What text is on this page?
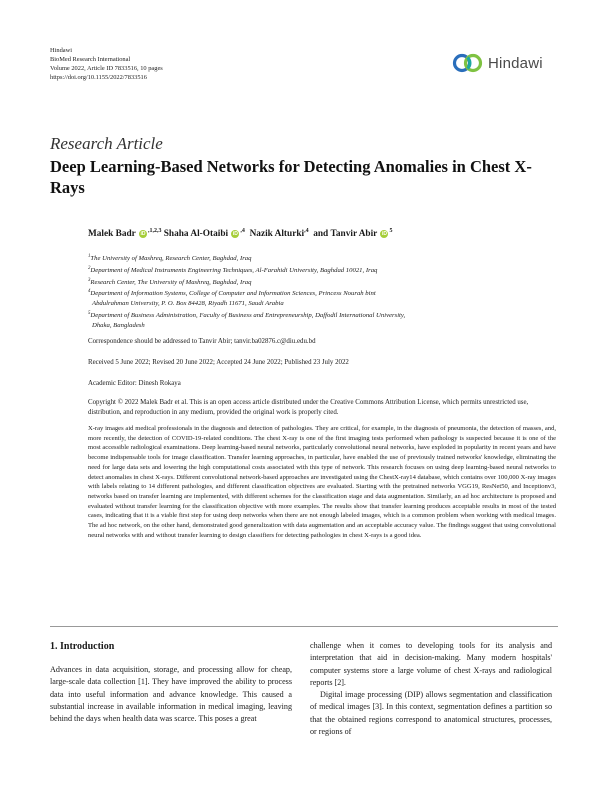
Hindawi
BioMed Research International
Volume 2022, Article ID 7833516, 10 pages
https://doi.org/10.1155/2022/7833516
Hindawi
Research Article
Deep Learning-Based Networks for Detecting Anomalies in Chest X-Rays
Malek Badr $iD^{,1,2,3}$ Shaha Al-Otaibi $iD^{,4}$ Nazik Alturki$^{,4}$  and Tanvir Abir $iD^5$
$^1$The University of Mashreq, Research Center, Baghdad, Iraq
$^2$Department of Medical Instruments Engineering Techniques, Al-Farahidi University, Baghdad 10021, Iraq
$^3$Research Center, The University of Mashreq, Baghdad, Iraq
$^4$Department of Information Systems, College of Computer and Information Sciences, Princess Nourah bint
Abdulrahman University, P. O. Box 84428, Riyadh 11671, Saudi Arabia
$^5$Department of Business Administration, Faculty of Business and Entrepreneurship, Daffodil International University,
Dhaka, Bangladesh
Correspondence should be addressed to Tanvir Abir; tanvir.ba02876.c@diu.edu.bd
Received 5 June 2022; Revised 20 June 2022; Accepted 24 June 2022; Published 23 July 2022
Academic Editor: Dinesh Rokaya
Copyright © 2022 Malek Badr et al. This is an open access article distributed under the Creative Commons Attribution License, which permits unrestricted use, distribution, and reproduction in any medium, provided the original work is properly cited.
X-ray images aid medical professionals in the diagnosis and detection of pathologies. They are critical, for example, in the diagnosis of pneumonia, the detection of masses, and, more recently, the detection of COVID-19-related conditions. The chest X-ray is one of the first imaging tests performed when pathology is suspected because it is one of the most accessible radiological examinations. Deep learning-based neural networks, particularly convolutional neural networks, have exploded in popularity in recent years and have become indispensable tools for image classification. Transfer learning approaches, in particular, have enabled the use of previously trained networks' knowledge, eliminating the need for large data sets and lowering the high computational costs associated with this type of network. This research focuses on using deep learning-based neural networks to detect anomalies in chest X-rays. Different convolutional network-based approaches are investigated using the ChestX-ray14 database, which contains over 100,000 X-ray images with labels relating to 14 different pathologies, and different classification objectives are evaluated. Starting with the pretrained networks VGG19, ResNet50, and Inceptionv3, networks based on transfer learning are implemented, with different schemes for the classification stage and data augmentation. Similarly, an ad hoc architecture is proposed and evaluated without transfer learning for the classification objective with more examples. The results show that transfer learning produces acceptable results in most of the tested cases, indicating that it is a viable first step for using deep networks when there are not enough labeled images, which is a common problem when working with medical images. The ad hoc network, on the other hand, demonstrated good generalization with data augmentation and an acceptable accuracy value. The findings suggest that using convolutional neural networks with and without transfer learning to design classifiers for detecting pathologies in chest X-rays is a good idea.
1. Introduction

Advances in data acquisition, storage, and processing allow for cheap, large-scale data collection [1]. They have improved the ability to process data into useful information and advance knowledge. This caused a substantial increase in available information in medical imaging, leaving behind the days when health data was scarce. This poses a great

challenge when it comes to developing tools for its analysis and interpretation that aid in decision-making. Many modern hospitals' computer systems store a large volume of chest X-rays and radiological reports [2].

Digital image processing (DIP) allows segmentation and classification of medical images [3]. In this context, segmentation defines a partition so that the obtained regions correspond to anatomical structures, processes, or regions of
